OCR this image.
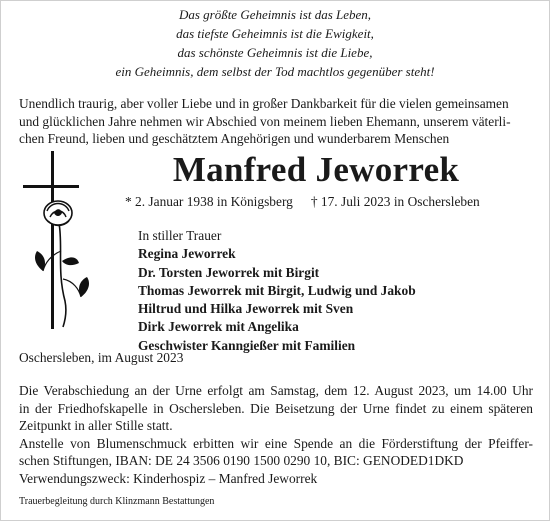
Das größte Geheimnis ist das Leben,
das tiefste Geheimnis ist die Ewigkeit,
das schönste Geheimnis ist die Liebe,
ein Geheimnis, dem selbst der Tod machtlos gegenüber steht!
Unendlich traurig, aber voller Liebe und in großer Dankbarkeit für die vielen gemeinsamen
und glücklichen Jahre nehmen wir Abschied von meinem lieben Ehemann, unserem väterli-
chen Freund, lieben und geschätztem Angehörigen und wunderbarem Menschen
Manfred Jeworrek
* 2. Januar 1938 in Königsberg † 17. Juli 2023 in Oschersleben
In stiller Trauer
Regina Jeworrek
Dr. Torsten Jeworrek mit Birgit
Thomas Jeworrek mit Birgit, Ludwig und Jakob
Hiltrud und Hilka Jeworrek mit Sven
Dirk Jeworrek mit Angelika
Geschwister Kanngießer mit Familien
Oschersleben, im August 2023
Die Verabschiedung an der Urne erfolgt am Samstag, dem 12. August 2023, um 14.00 Uhr
in der Friedhofskapelle in Oschersleben. Die Beisetzung der Urne findet zu einem späteren
Zeitpunkt in aller Stille statt.
Anstelle von Blumenschmuck erbitten wir eine Spende an die Förderstiftung der Pfeiffer-
schen Stiftungen, IBAN: DE 24 3506 0190 1500 0290 10, BIC: GENODED1DKD
Verwendungszweck: Kinderhospiz – Manfred Jeworrek
Trauerbegleitung durch Klinzmann Bestattungen
